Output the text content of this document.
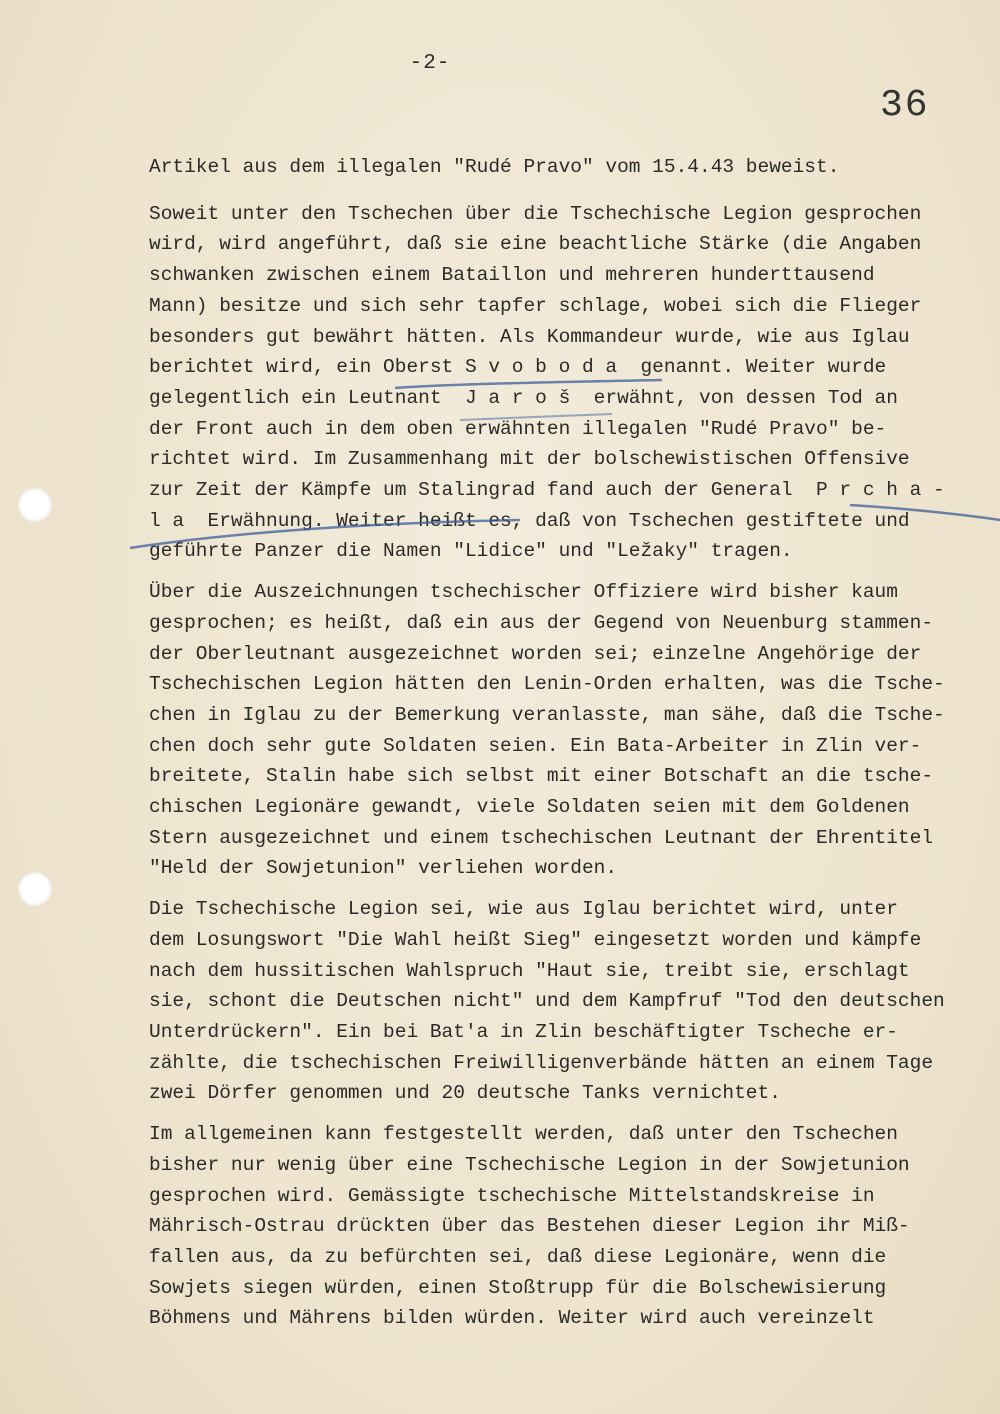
-2-
36

Artikel aus dem illegalen "Rudé Pravo" vom 15.4.43 beweist.

Soweit unter den Tschechen über die Tschechische Legion gesprochen
wird, wird angeführt, daß sie eine beachtliche Stärke (die Angaben
schwanken zwischen einem Bataillon und mehreren hunderttausend
Mann) besitze und sich sehr tapfer schlage, wobei sich die Flieger
besonders gut bewährt hätten. Als Kommandeur wurde, wie aus Iglau
berichtet wird, ein Oberst S v o b o d a  genannt. Weiter wurde
gelegentlich ein Leutnant  J a r o š  erwähnt, von dessen Tod an
der Front auch in dem oben erwähnten illegalen "Rudé Pravo" be-
richtet wird. Im Zusammenhang mit der bolschewistischen Offensive
zur Zeit der Kämpfe um Stalingrad fand auch der General  P r c h a -
l a  Erwähnung. Weiter heißt es, daß von Tschechen gestiftete und
geführte Panzer die Namen "Lidice" und "Ležaky" tragen.

Über die Auszeichnungen tschechischer Offiziere wird bisher kaum
gesprochen; es heißt, daß ein aus der Gegend von Neuenburg stammen-
der Oberleutnant ausgezeichnet worden sei; einzelne Angehörige der
Tschechischen Legion hätten den Lenin-Orden erhalten, was die Tsche-
chen in Iglau zu der Bemerkung veranlasste, man sähe, daß die Tsche-
chen doch sehr gute Soldaten seien. Ein Bata-Arbeiter in Zlin ver-
breitete, Stalin habe sich selbst mit einer Botschaft an die tsche-
chischen Legionäre gewandt, viele Soldaten seien mit dem Goldenen
Stern ausgezeichnet und einem tschechischen Leutnant der Ehrentitel
"Held der Sowjetunion" verliehen worden.

Die Tschechische Legion sei, wie aus Iglau berichtet wird, unter
dem Losungswort "Die Wahl heißt Sieg" eingesetzt worden und kämpfe
nach dem hussitischen Wahlspruch "Haut sie, treibt sie, erschlagt
sie, schont die Deutschen nicht" und dem Kampfruf "Tod den deutschen
Unterdrückern". Ein bei Bat'a in Zlin beschäftigter Tscheche er-
zählte, die tschechischen Freiwilligenverbände hätten an einem Tage
zwei Dörfer genommen und 20 deutsche Tanks vernichtet.

Im allgemeinen kann festgestellt werden, daß unter den Tschechen
bisher nur wenig über eine Tschechische Legion in der Sowjetunion
gesprochen wird. Gemässigte tschechische Mittelstandskreise in
Mährisch-Ostrau drückten über das Bestehen dieser Legion ihr Miß-
fallen aus, da zu befürchten sei, daß diese Legionäre, wenn die
Sowjets siegen würden, einen Stoßtrupp für die Bolschewisierung
Böhmens und Mährens bilden würden. Weiter wird auch vereinzelt
